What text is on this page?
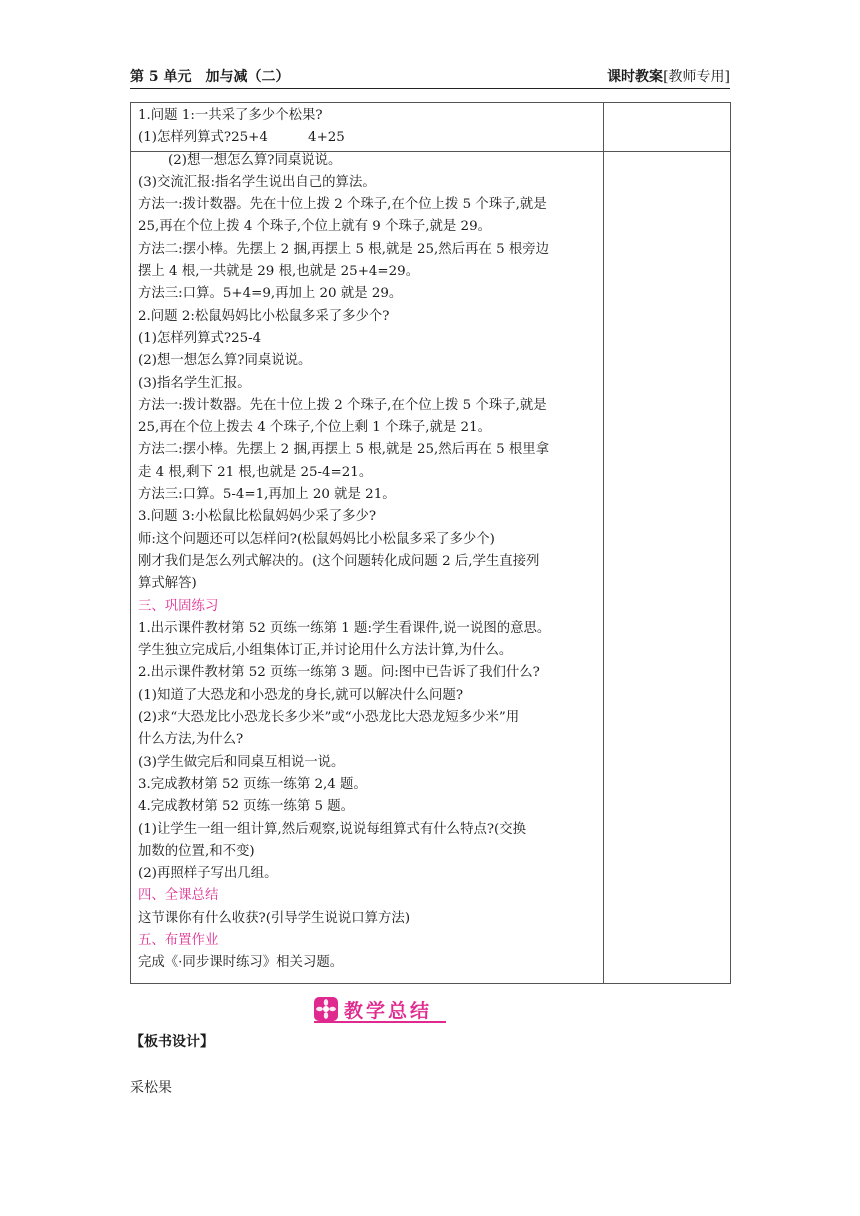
第 5 单元　加与减（二）	课时教案[教师专用]
1.问题 1:一共采了多少个松果?
(1)怎样列算式?25+4　　　4+25
(2)想一想怎么算?同桌说说。
(3)交流汇报:指名学生说出自己的算法。
方法一:拨计数器。先在十位上拨 2 个珠子,在个位上拨 5 个珠子,就是
25,再在个位上拨 4 个珠子,个位上就有 9 个珠子,就是 29。
方法二:摆小棒。先摆上 2 捆,再摆上 5 根,就是 25,然后再在 5 根旁边
摆上 4 根,一共就是 29 根,也就是 25+4=29。
方法三:口算。5+4=9,再加上 20 就是 29。
2.问题 2:松鼠妈妈比小松鼠多采了多少个?
(1)怎样列算式?25-4
(2)想一想怎么算?同桌说说。
(3)指名学生汇报。
方法一:拨计数器。先在十位上拨 2 个珠子,在个位上拨 5 个珠子,就是
25,再在个位上拨去 4 个珠子,个位上剩 1 个珠子,就是 21。
方法二:摆小棒。先摆上 2 捆,再摆上 5 根,就是 25,然后再在 5 根里拿
走 4 根,剩下 21 根,也就是 25-4=21。
方法三:口算。5-4=1,再加上 20 就是 21。
3.问题 3:小松鼠比松鼠妈妈少采了多少?
师:这个问题还可以怎样问?(松鼠妈妈比小松鼠多采了多少个)
刚才我们是怎么列式解决的。(这个问题转化成问题 2 后,学生直接列
算式解答)
三、巩固练习
1.出示课件教材第 52 页练一练第 1 题:学生看课件,说一说图的意思。
学生独立完成后,小组集体订正,并讨论用什么方法计算,为什么。
2.出示课件教材第 52 页练一练第 3 题。问:图中已告诉了我们什么?
(1)知道了大恐龙和小恐龙的身长,就可以解决什么问题?
(2)求“大恐龙比小恐龙长多少米”或“小恐龙比大恐龙短多少米”用
什么方法,为什么?
(3)学生做完后和同桌互相说一说。
3.完成教材第 52 页练一练第 2,4 题。
4.完成教材第 52 页练一练第 5 题。
(1)让学生一组一组计算,然后观察,说说每组算式有什么特点?(交换
加数的位置,和不变)
(2)再照样子写出几组。
四、全课总结
这节课你有什么收获?(引导学生说说口算方法)
五、布置作业
完成《·同步课时练习》相关习题。
教学总结
【板书设计】
采松果
